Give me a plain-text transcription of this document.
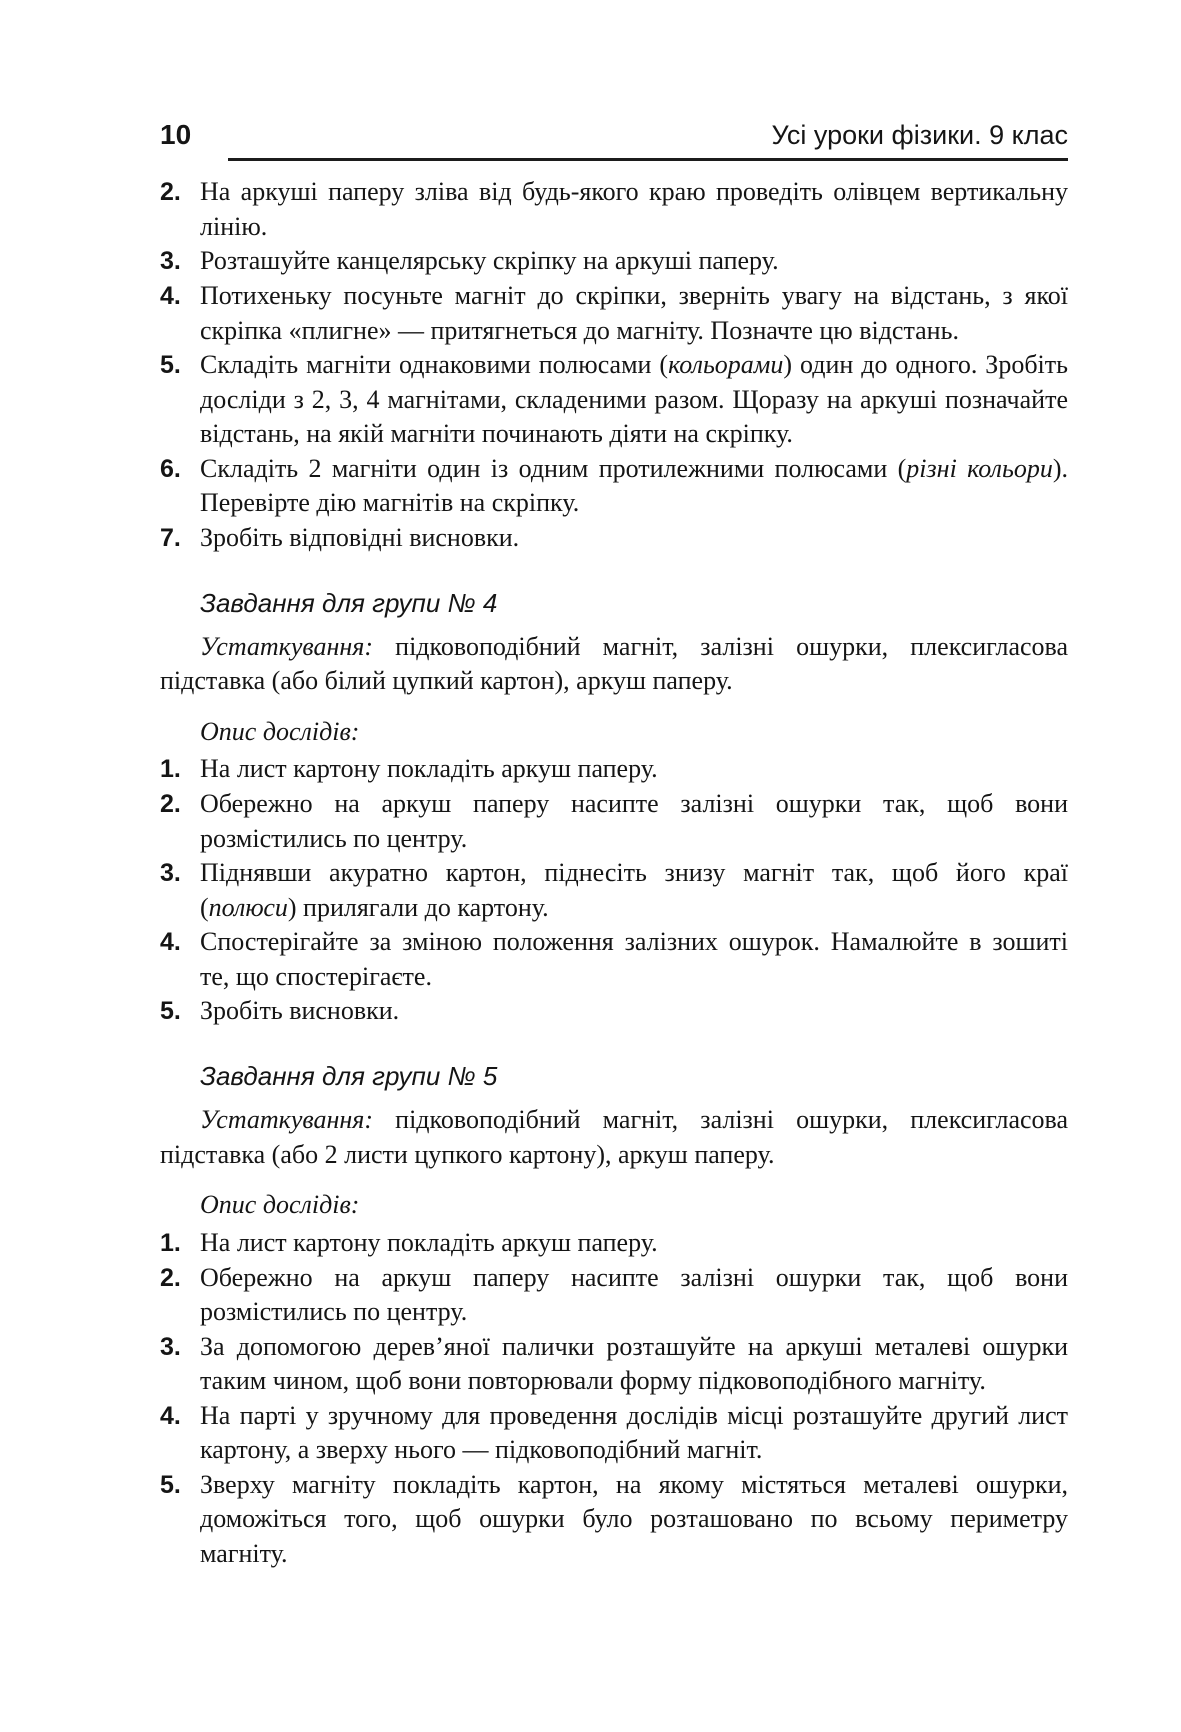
10	Усі уроки фізики. 9 клас
2. На аркуші паперу зліва від будь-якого краю проведіть олівцем вертикальну лінію.
3. Розташуйте канцелярську скріпку на аркуші паперу.
4. Потихеньку посуньте магніт до скріпки, зверніть увагу на відстань, з якої скріпка «плигне» — притягнеться до магніту. Позначте цю відстань.
5. Складіть магніти однаковими полюсами (кольорами) один до одного. Зробіть досліди з 2, 3, 4 магнітами, складеними разом. Щоразу на аркуші позначайте відстань, на якій магніти починають діяти на скріпку.
6. Складіть 2 магніти один із одним протилежними полюсами (різні кольори). Перевірте дію магнітів на скріпку.
7. Зробіть відповідні висновки.
Завдання для групи № 4

Устаткування: підковоподібний магніт, залізні ошурки, плексигласова підставка (або білий цупкий картон), аркуш паперу.

Опис дослідів:

1. На лист картону покладіть аркуш паперу.
2. Обережно на аркуш паперу насипте залізні ошурки так, щоб вони розмістились по центру.
3. Піднявши акуратно картон, піднесіть знизу магніт так, щоб його краї (полюси) прилягали до картону.
4. Спостерігайте за зміною положення залізних ошурок. Намалюйте в зошиті те, що спостерігаєте.
5. Зробіть висновки.
Завдання для групи № 5

Устаткування: підковоподібний магніт, залізні ошурки, плексигласова підставка (або 2 листи цупкого картону), аркуш паперу.

Опис дослідів:

1. На лист картону покладіть аркуш паперу.
2. Обережно на аркуш паперу насипте залізні ошурки так, щоб вони розмістились по центру.
3. За допомогою дерев’яної палички розташуйте на аркуші металеві ошурки таким чином, щоб вони повторювали форму підковоподібного магніту.
4. На парті у зручному для проведення дослідів місці розташуйте другий лист картону, а зверху нього — підковоподібний магніт.
5. Зверху магніту покладіть картон, на якому містяться металеві ошурки, доможіться того, щоб ошурки було розташовано по всьому периметру магніту.
